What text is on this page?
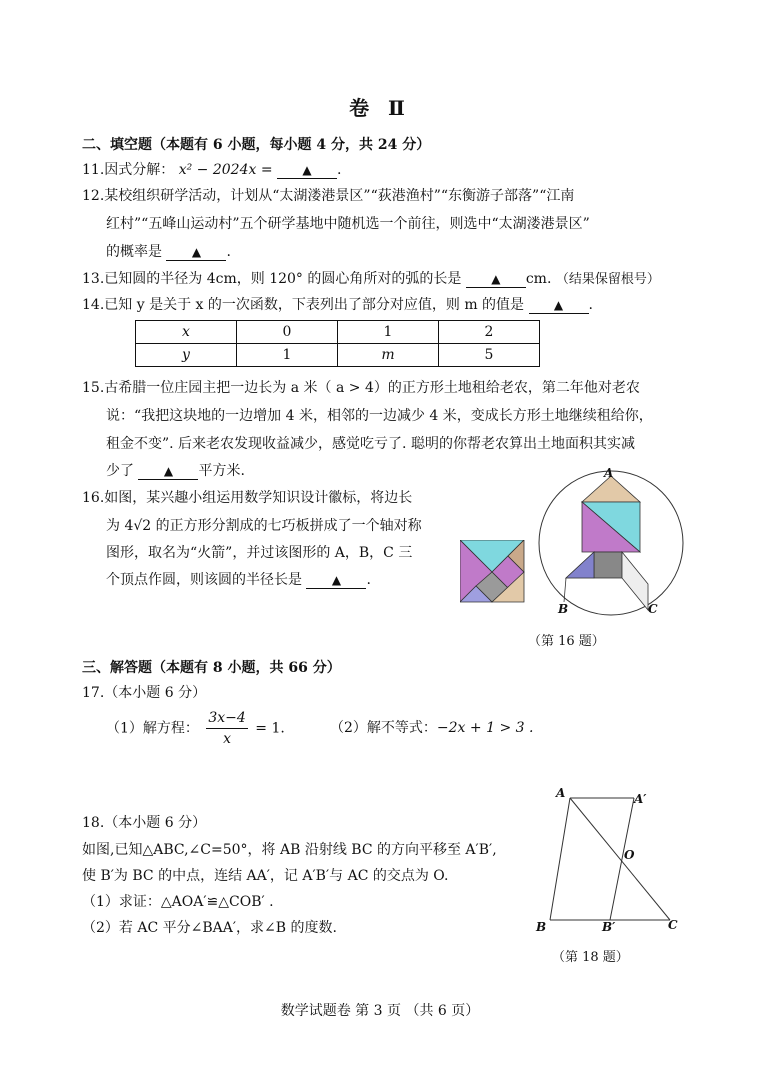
卷 Ⅱ
二、填空题（本题有 6 小题，每小题 4 分，共 24 分）
11.因式分解： x² − 2024x = ▲ .
12.某校组织研学活动，计划从“太湖溇港景区”“荻港渔村”“东衡游子部落”“江南
红村”“五峰山运动村”五个研学基地中随机选一个前往，则选中“太湖溇港景区”
的概率是 ▲ .
13.已知圆的半径为 4cm，则 120° 的圆心角所对的弧的长是 ▲ cm. （结果保留根号）
14.已知 y 是关于 x 的一次函数，下表列出了部分对应值，则 m 的值是 ▲ .
x	0	1	2
y	1	m	5
15.古希腊一位庄园主把一边长为 a 米（ a > 4）的正方形土地租给老农，第二年他对老农
说：“我把这块地的一边增加 4 米，相邻的一边减少 4 米，变成长方形土地继续租给你，
租金不变”. 后来老农发现收益减少，感觉吃亏了. 聪明的你帮老农算出土地面积其实减
少了 ▲ 平方米.
16.如图，某兴趣小组运用数学知识设计徽标，将边长
为 4√2 的正方形分割成的七巧板拼成了一个轴对称
图形，取名为“火箭”，并过该图形的 A，B，C 三
个顶点作圆，则该圆的半径长是 ▲ .
A
B	C
（第 16 题）
三、解答题（本题有 8 小题，共 66 分）
17.（本小题 6 分）
（1）解方程： $\frac{3x-4}{x} = 1$.	（2）解不等式：−2x + 1 > 3 .
18.（本小题 6 分）
如图,已知△ABC,∠C=50°，将 AB 沿射线 BC 的方向平移至 A′B′,
使 B′为 BC 的中点，连结 AA′，记 A′B′与 AC 的交点为 O.
（1）求证：△AOA′≌△COB′ .
（2）若 AC 平分∠BAA′，求∠B 的度数.
A	A′
O
B	B′	C
（第 18 题）
数学试题卷 第 3 页 （共 6 页）
